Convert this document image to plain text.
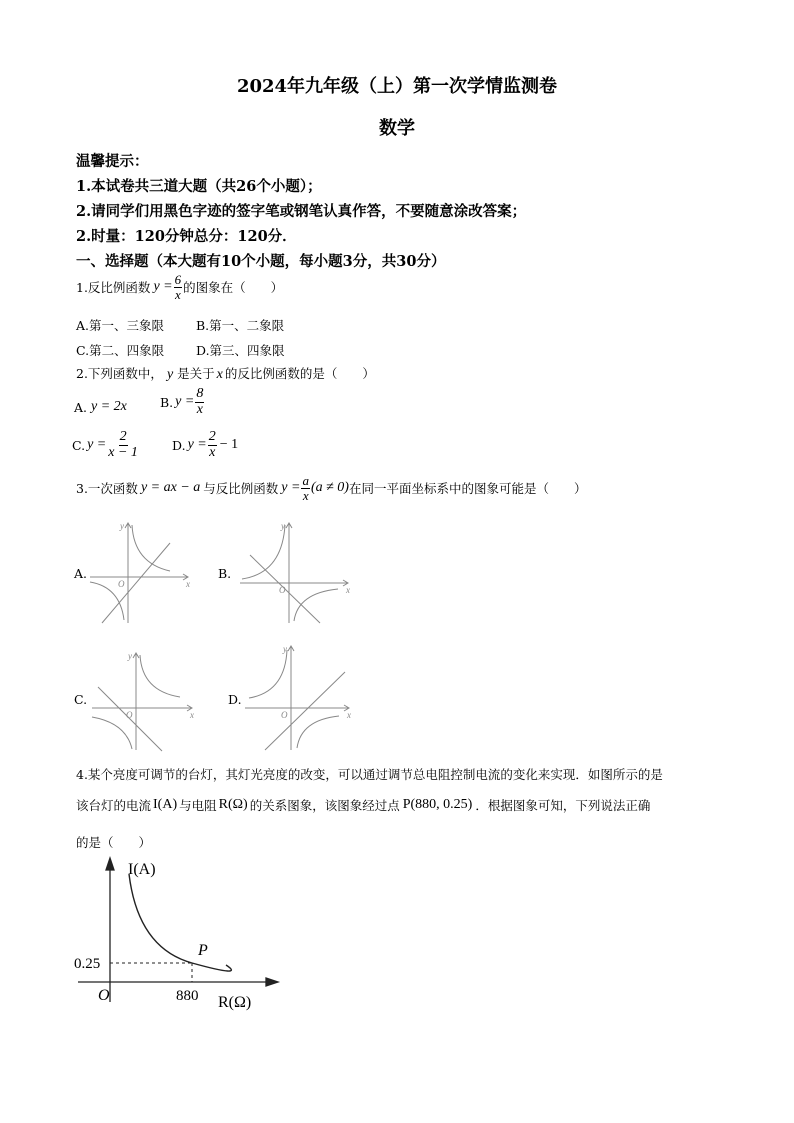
2024年九年级（上）第一次学情监测卷
数学
温馨提示：
1.本试卷共三道大题（共26个小题）；
2.请同学们用黑色字迹的签字笔或钢笔认真作答，不要随意涂改答案；
2.时量：120分钟总分：120分．
一、选择题（本大题有10个小题，每小题3分，共30分）
1.反比例函数 $y = \frac{6}{x}$ 的图象在（　　）
A.第一、三象限	B.第一、二象限
C.第二、四象限	D.第三、四象限
2.下列函数中， y 是关于 x 的反比例函数的是（　　）
A. y = 2x	B. $y = \frac{8}{x}$
C. $y = \frac{2}{x - 1}$	D. $y = \frac{2}{x} - 1$
3.一次函数 y = ax − a 与反比例函数 $y = \frac{a}{x} (a \ne 0)$ 在同一平面坐标系中的图象可能是（　　）
A.	B.
C.	D.
y
x
O
y
x
O
y
x
O
y
x
O
4.某个亮度可调节的台灯，其灯光亮度的改变，可以通过调节总电阻控制电流的变化来实现．如图所示的是
该台灯的电流 I(A) 与电阻 R(Ω) 的关系图象，该图象经过点 P(880, 0.25) ．根据图象可知，下列说法正确
的是（　　）
I(A)
R(Ω)
O
P
0.25
880
